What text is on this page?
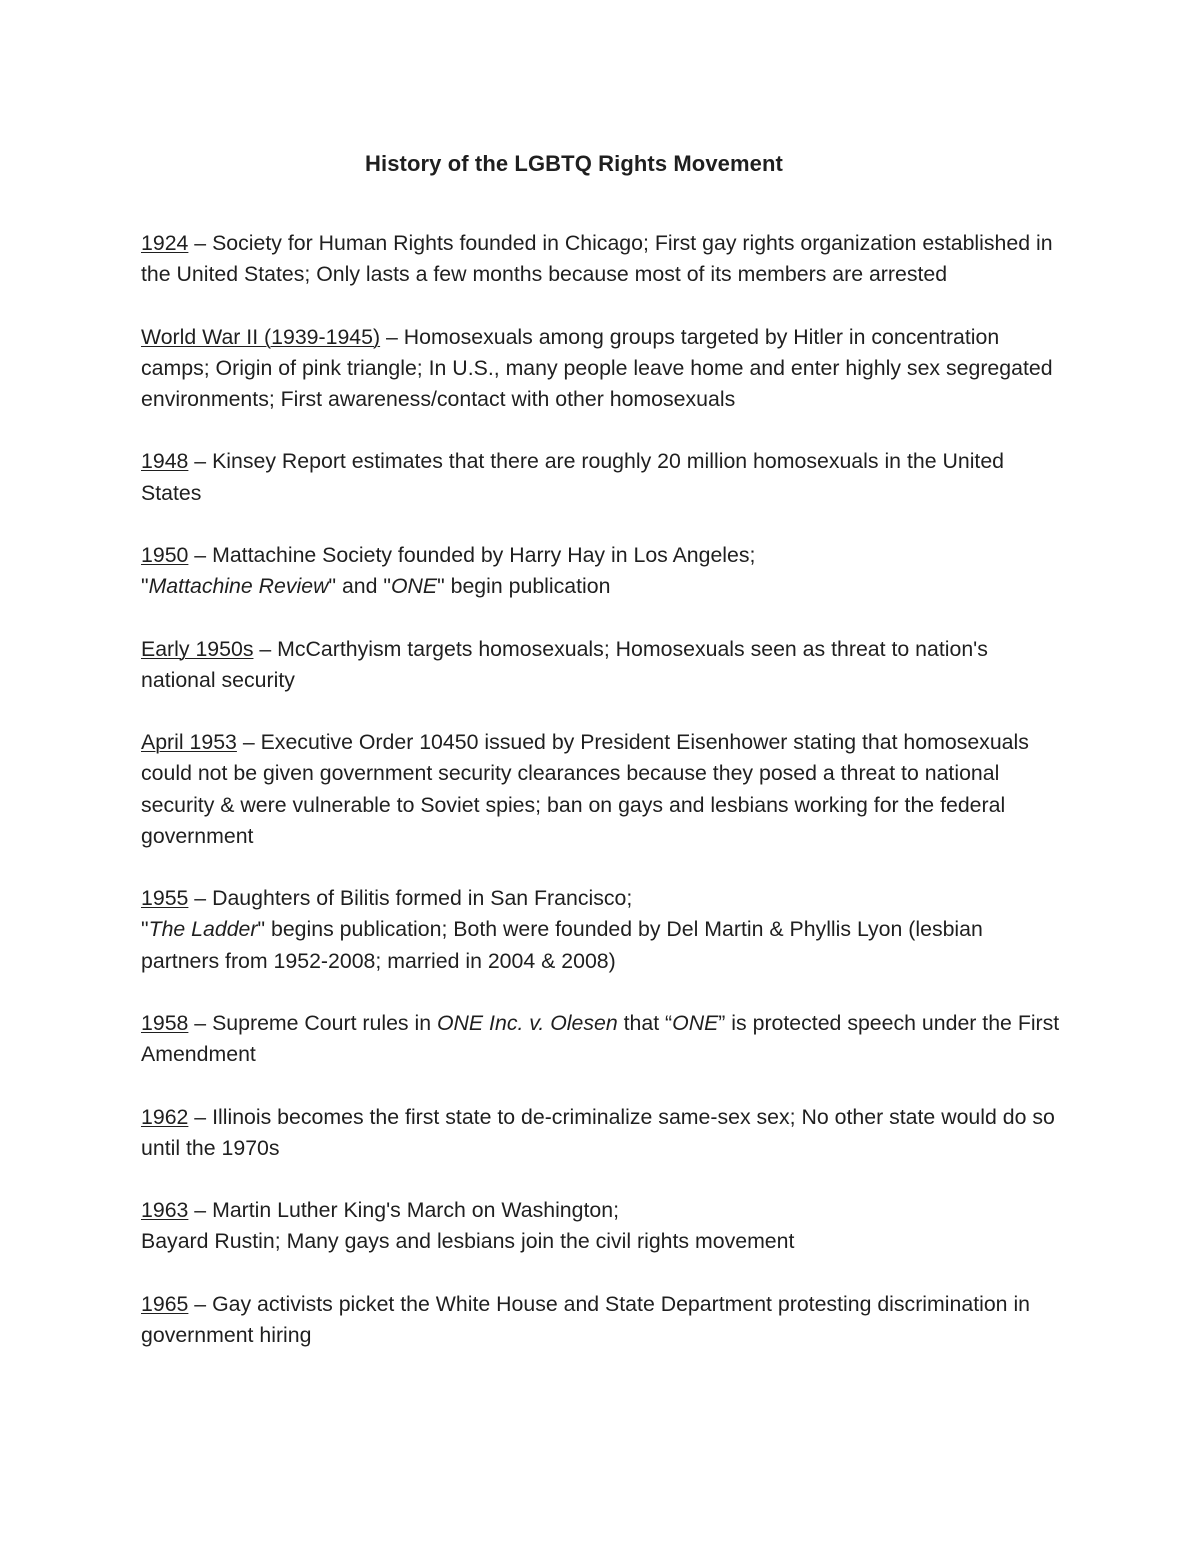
History of the LGBTQ Rights Movement

1924 – Society for Human Rights founded in Chicago; First gay rights organization established in the United States; Only lasts a few months because most of its members are arrested

World War II (1939-1945) – Homosexuals among groups targeted by Hitler in concentration camps; Origin of pink triangle; In U.S., many people leave home and enter highly sex segregated environments; First awareness/contact with other homosexuals

1948 – Kinsey Report estimates that there are roughly 20 million homosexuals in the United States

1950 – Mattachine Society founded by Harry Hay in Los Angeles;
"Mattachine Review" and "ONE" begin publication

Early 1950s – McCarthyism targets homosexuals; Homosexuals seen as threat to nation's national security

April 1953 – Executive Order 10450 issued by President Eisenhower stating that homosexuals could not be given government security clearances because they posed a threat to national security & were vulnerable to Soviet spies; ban on gays and lesbians working for the federal government

1955 – Daughters of Bilitis formed in San Francisco;
"The Ladder" begins publication; Both were founded by Del Martin & Phyllis Lyon (lesbian partners from 1952-2008; married in 2004 & 2008)

1958 – Supreme Court rules in ONE Inc. v. Olesen that “ONE” is protected speech under the First Amendment

1962 – Illinois becomes the first state to de-criminalize same-sex sex; No other state would do so until the 1970s

1963 – Martin Luther King's March on Washington;
Bayard Rustin; Many gays and lesbians join the civil rights movement

1965 – Gay activists picket the White House and State Department protesting discrimination in government hiring
